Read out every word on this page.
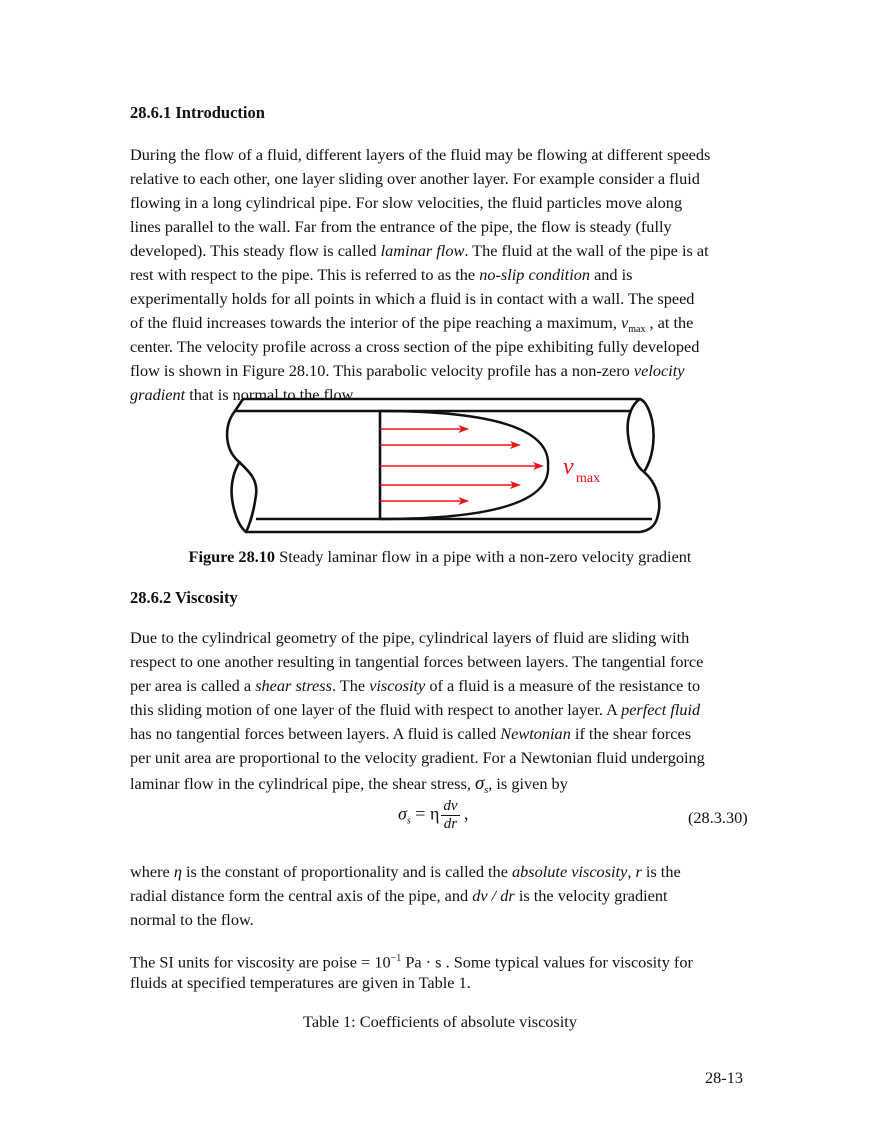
28.6.1 Introduction
During the flow of a fluid, different layers of the fluid may be flowing at different speeds
relative to each other, one layer sliding over another layer. For example consider a fluid
flowing in a long cylindrical pipe. For slow velocities, the fluid particles move along
lines parallel to the wall. Far from the entrance of the pipe, the flow is steady (fully
developed). This steady flow is called laminar flow. The fluid at the wall of the pipe is at
rest with respect to the pipe. This is referred to as the no-slip condition and is
experimentally holds for all points in which a fluid is in contact with a wall. The speed
of the fluid increases towards the interior of the pipe reaching a maximum, $v_{max}$ , at the
center. The velocity profile across a cross section of the pipe exhibiting fully developed
flow is shown in Figure 28.10. This parabolic velocity profile has a non-zero velocity
gradient that is normal to the flow.
v max
Figure 28.10 Steady laminar flow in a pipe with a non-zero velocity gradient
28.6.2 Viscosity
Due to the cylindrical geometry of the pipe, cylindrical layers of fluid are sliding with
respect to one another resulting in tangential forces between layers. The tangential force
per area is called a shear stress. The viscosity of a fluid is a measure of the resistance to
this sliding motion of one layer of the fluid with respect to another layer. A perfect fluid
has no tangential forces between layers. A fluid is called Newtonian if the shear forces
per unit area are proportional to the velocity gradient. For a Newtonian fluid undergoing
laminar flow in the cylindrical pipe, the shear stress, $\sigma_s$, is given by
$\sigma_s = \eta \frac{dv}{dr}$ ,	(28.3.30)
where η is the constant of proportionality and is called the absolute viscosity, r is the
radial distance form the central axis of the pipe, and dv / dr is the velocity gradient
normal to the flow.
The SI units for viscosity are poise = $10^{-1}$ Pa · s . Some typical values for viscosity for
fluids at specified temperatures are given in Table 1.
Table 1: Coefficients of absolute viscosity
28-13
